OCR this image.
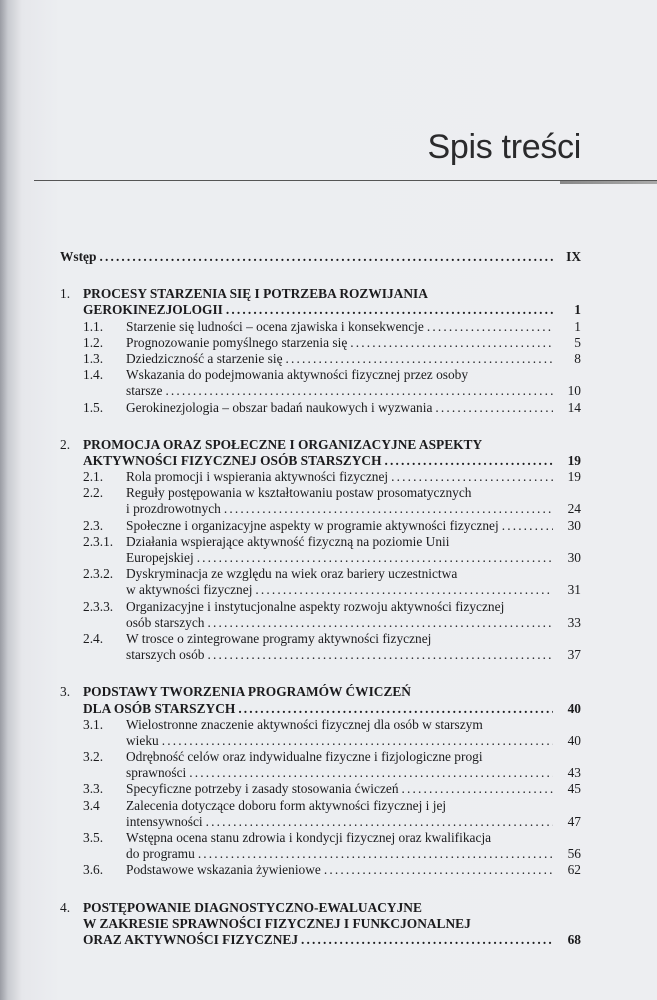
Spis treści
Wstęp . . .	IX
1. PROCESY STARZENIA SIĘ I POTRZEBA ROZWIJANIA
GEROKINEZJOLOGII . . .	1
1.1.	Starzenie się ludności – ocena zjawiska i konsekwencje . . .	1
1.2.	Prognozowanie pomyślnego starzenia się . . .	5
1.3.	Dziedziczność a starzenie się . . .	8
1.4.	Wskazania do podejmowania aktywności fizycznej przez osoby
starsze . . .	10
1.5.	Gerokinezjologia – obszar badań naukowych i wyzwania . . .	14
2. PROMOCJA ORAZ SPOŁECZNE I ORGANIZACYJNE ASPEKTY
AKTYWNOŚCI FIZYCZNEJ OSÓB STARSZYCH . . .	19
2.1.	Rola promocji i wspierania aktywności fizycznej . . .	19
2.2.	Reguły postępowania w kształtowaniu postaw prosomatycznych
i prozdrowotnych . . .	24
2.3.	Społeczne i organizacyjne aspekty w programie aktywności fizycznej . . .	30
2.3.1. Działania wspierające aktywność fizyczną na poziomie Unii
Europejskiej . . .	30
2.3.2. Dyskryminacja ze względu na wiek oraz bariery uczestnictwa
w aktywności fizycznej . . .	31
2.3.3. Organizacyjne i instytucjonalne aspekty rozwoju aktywności fizycznej
osób starszych . . .	33
2.4.	W trosce o zintegrowane programy aktywności fizycznej
starszych osób . . .	37
3. PODSTAWY TWORZENIA PROGRAMÓW ĆWICZEŃ
DLA OSÓB STARSZYCH . . .	40
3.1.	Wielostronne znaczenie aktywności fizycznej dla osób w starszym
wieku . . .	40
3.2.	Odrębność celów oraz indywidualne fizyczne i fizjologiczne progi
sprawności . . .	43
3.3.	Specyficzne potrzeby i zasady stosowania ćwiczeń . . .	45
3.4	Zalecenia dotyczące doboru form aktywności fizycznej i jej
intensywności . . .	47
3.5.	Wstępna ocena stanu zdrowia i kondycji fizycznej oraz kwalifikacja
do programu . . .	56
3.6.	Podstawowe wskazania żywieniowe . . .	62
4. POSTĘPOWANIE DIAGNOSTYCZNO-EWALUACYJNE
W ZAKRESIE SPRAWNOŚCI FIZYCZNEJ I FUNKCJONALNEJ
ORAZ AKTYWNOŚCI FIZYCZNEJ . . .	68
